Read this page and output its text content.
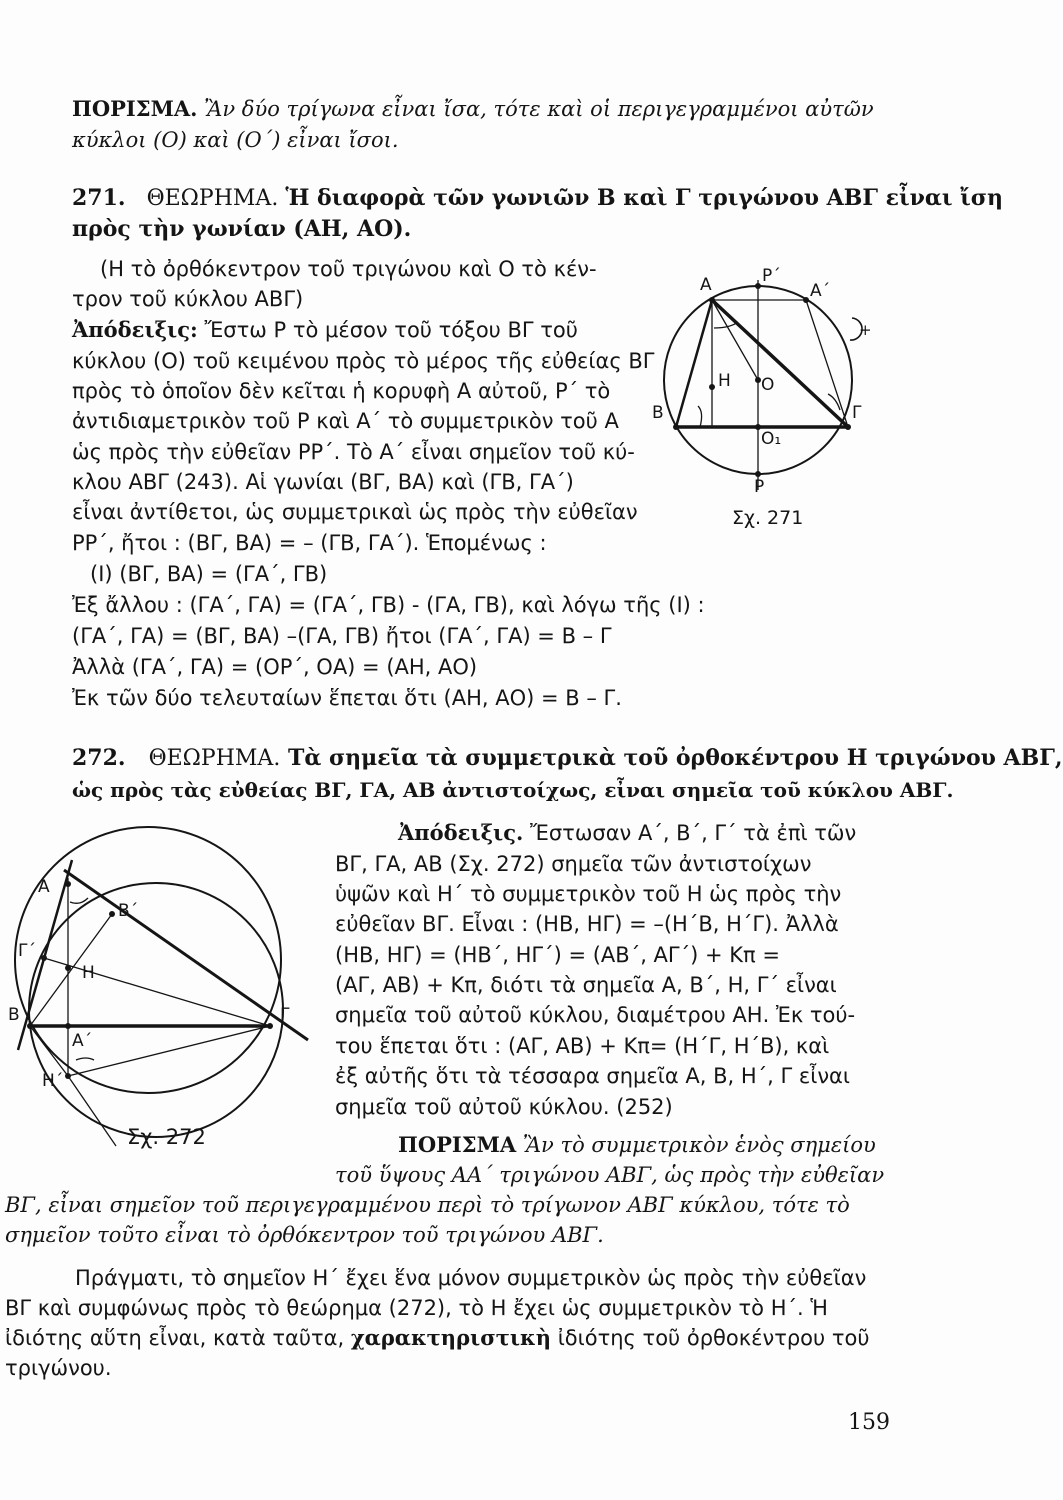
ΠΟΡΙΣΜΑ. Ἂν δύο τρίγωνα εἶναι ἴσα, τότε καὶ οἱ περιγεγραμμένοι αὐτῶν
κύκλοι (Ο) καὶ (Ο΄) εἶναι ἴσοι.
271. ΘΕΩΡΗΜΑ. Ἡ διαφορὰ τῶν γωνιῶν Β καὶ Γ τριγώνου ΑΒΓ εἶναι ἴση
πρὸς τὴν γωνίαν (ΑΗ, ΑΟ).
(Η τὸ ὀρθόκεντρον τοῦ τριγώνου καὶ Ο τὸ κέν-
τρον τοῦ κύκλου ΑΒΓ)
Ἀπόδειξις: Ἔστω Ρ τὸ μέσον τοῦ τόξου ΒΓ τοῦ
κύκλου (Ο) τοῦ κειμένου πρὸς τὸ μέρος τῆς εὐθείας ΒΓ
πρὸς τὸ ὁποῖον δὲν κεῖται ἡ κορυφὴ Α αὐτοῦ, Ρ΄ τὸ
ἀντιδιαμετρικὸν τοῦ Ρ καὶ Α΄ τὸ συμμετρικὸν τοῦ Α
ὡς πρὸς τὴν εὐθεῖαν ΡΡ΄. Τὸ Α΄ εἶναι σημεῖον τοῦ κύ-
κλου ΑΒΓ (243). Αἱ γωνίαι (ΒΓ, ΒΑ) καὶ (ΓΒ, ΓΑ΄)
εἶναι ἀντίθετοι, ὡς συμμετρικαὶ ὡς πρὸς τὴν εὐθεῖαν
ΡΡ΄, ἤτοι : (ΒΓ, ΒΑ) = – (ΓΒ, ΓΑ΄). Ἑπομένως :
(Ι) (ΒΓ, ΒΑ) = (ΓΑ΄, ΓΒ)
Ἐξ ἄλλου : (ΓΑ΄, ΓΑ) = (ΓΑ΄, ΓΒ) - (ΓΑ, ΓΒ), καὶ λόγω τῆς (Ι) :
(ΓΑ΄, ΓΑ) = (ΒΓ, ΒΑ) –(ΓΑ, ΓΒ) ἤτοι (ΓΑ΄, ΓΑ) = Β – Γ
Ἀλλὰ (ΓΑ΄, ΓΑ) = (ΟΡ΄, ΟΑ) = (ΑΗ, ΑΟ)
Ἐκ τῶν δύο τελευταίων ἕπεται ὅτι (ΑΗ, ΑΟ) = Β – Γ.
Α	Ρ΄
Α΄
+
Η Ο
Β	Γ
Ο₁
Ρ
Σχ. 271
272. ΘΕΩΡΗΜΑ. Τὰ σημεῖα τὰ συμμετρικὰ τοῦ ὀρθοκέντρου Η τριγώνου ΑΒΓ,
ὡς πρὸς τὰς εὐθείας ΒΓ, ΓΑ, ΑΒ ἀντιστοίχως, εἶναι σημεῖα τοῦ κύκλου ΑΒΓ.
Ἀπόδειξις. Ἔστωσαν Α΄, Β΄, Γ΄ τὰ ἐπὶ τῶν
ΒΓ, ΓΑ, ΑΒ (Σχ. 272) σημεῖα τῶν ἀντιστοίχων
ὑψῶν καὶ Η΄ τὸ συμμετρικὸν τοῦ Η ὡς πρὸς τὴν
εὐθεῖαν ΒΓ. Εἶναι : (ΗΒ, ΗΓ) = –(Η΄Β, Η΄Γ). Ἀλλὰ
(ΗΒ, ΗΓ) = (ΗΒ΄, ΗΓ΄) = (ΑΒ΄, ΑΓ΄) + Κπ =
(ΑΓ, ΑΒ) + Κπ, διότι τὰ σημεῖα Α, Β΄, Η, Γ΄ εἶναι
σημεῖα τοῦ αὐτοῦ κύκλου, διαμέτρου ΑΗ. Ἐκ τού-
του ἕπεται ὅτι : (ΑΓ, ΑΒ) + Κπ= (Η΄Γ, Η΄Β), καὶ
ἐξ αὐτῆς ὅτι τὰ τέσσαρα σημεῖα Α, Β, Η΄, Γ εἶναι
σημεῖα τοῦ αὐτοῦ κύκλου. (252)
Α
Β΄
Γ΄
Η
Β	Γ
Α΄
Η΄
Σχ. 272	ΠΟΡΙΣΜΑ Ἂν τὸ συμμετρικὸν ἑνὸς σημείου
τοῦ ὕψους ΑΑ΄ τριγώνου ΑΒΓ, ὡς πρὸς τὴν εὐθεῖαν
ΒΓ, εἶναι σημεῖον τοῦ περιγεγραμμένου περὶ τὸ τρίγωνον ΑΒΓ κύκλου, τότε τὸ
σημεῖον τοῦτο εἶναι τὸ ὀρθόκεντρον τοῦ τριγώνου ΑΒΓ.
Πράγματι, τὸ σημεῖον Η΄ ἔχει ἕνα μόνον συμμετρικὸν ὡς πρὸς τὴν εὐθεῖαν
ΒΓ καὶ συμφώνως πρὸς τὸ θεώρημα (272), τὸ Η ἔχει ὡς συμμετρικὸν τὸ Η΄. Ἡ
ἰδιότης αὕτη εἶναι, κατὰ ταῦτα, χαρακτηριστικὴ ἰδιότης τοῦ ὀρθοκέντρου τοῦ
τριγώνου.
159
